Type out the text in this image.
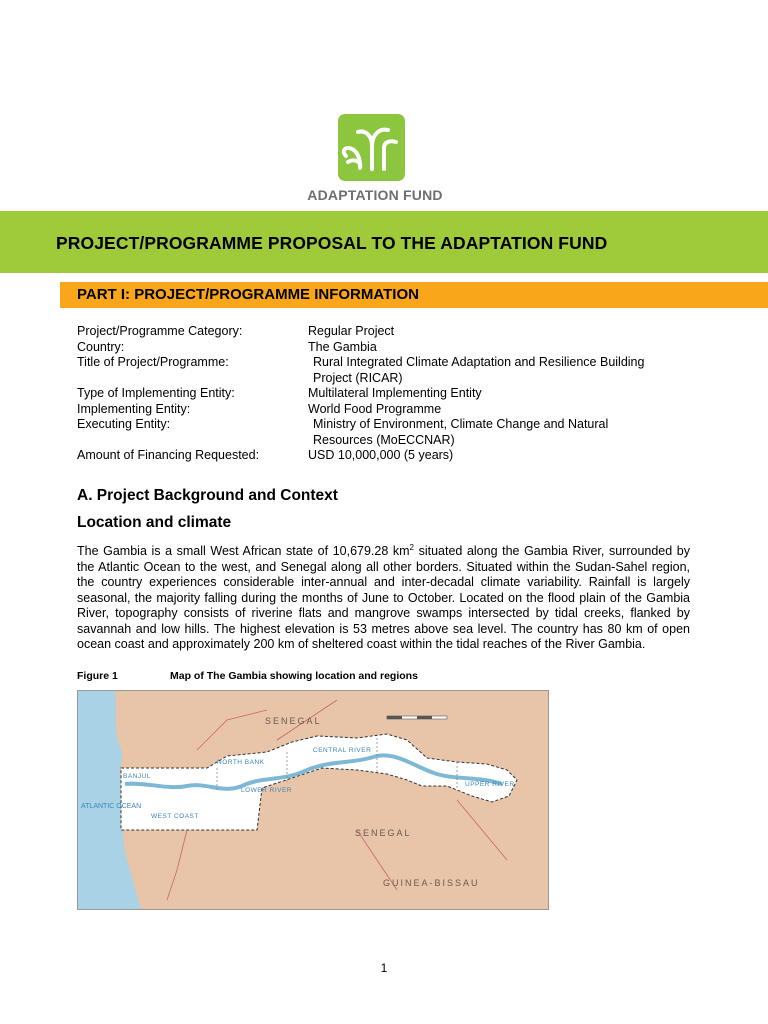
ADAPTATION FUND
PROJECT/PROGRAMME PROPOSAL TO THE ADAPTATION FUND
PART I: PROJECT/PROGRAMME INFORMATION
Project/Programme Category:	Regular Project
Country:	The Gambia
Title of Project/Programme:	Rural Integrated Climate Adaptation and Resilience Building Project (RICAR)
Type of Implementing Entity:	Multilateral Implementing Entity
Implementing Entity:	World Food Programme
Executing Entity:	Ministry of Environment, Climate Change and Natural Resources (MoECCNAR)
Amount of Financing Requested:	USD 10,000,000 (5 years)
A. Project Background and Context
Location and climate

The Gambia is a small West African state of 10,679.28 $km^2$ situated along the Gambia River, surrounded by the Atlantic Ocean to the west, and Senegal along all other borders. Situated within the Sudan-Sahel region, the country experiences considerable inter-annual and inter-decadal climate variability. Rainfall is largely seasonal, the majority falling during the months of June to October. Located on the flood plain of the Gambia River, topography consists of riverine flats and mangrove swamps intersected by tidal creeks, flanked by savannah and low hills. The highest elevation is 53 metres above sea level. The country has 80 km of open ocean coast and approximately 200 km of sheltered coast within the tidal reaches of the River Gambia.

Figure 1	Map of The Gambia showing location and regions
SENEGAL
SENEGAL
GUINEA-BISSAU
ATLANTIC OCEAN
NORTH BANK
CENTRAL RIVER
LOWER RIVER
WEST COAST
UPPER RIVER
BANJUL
1
